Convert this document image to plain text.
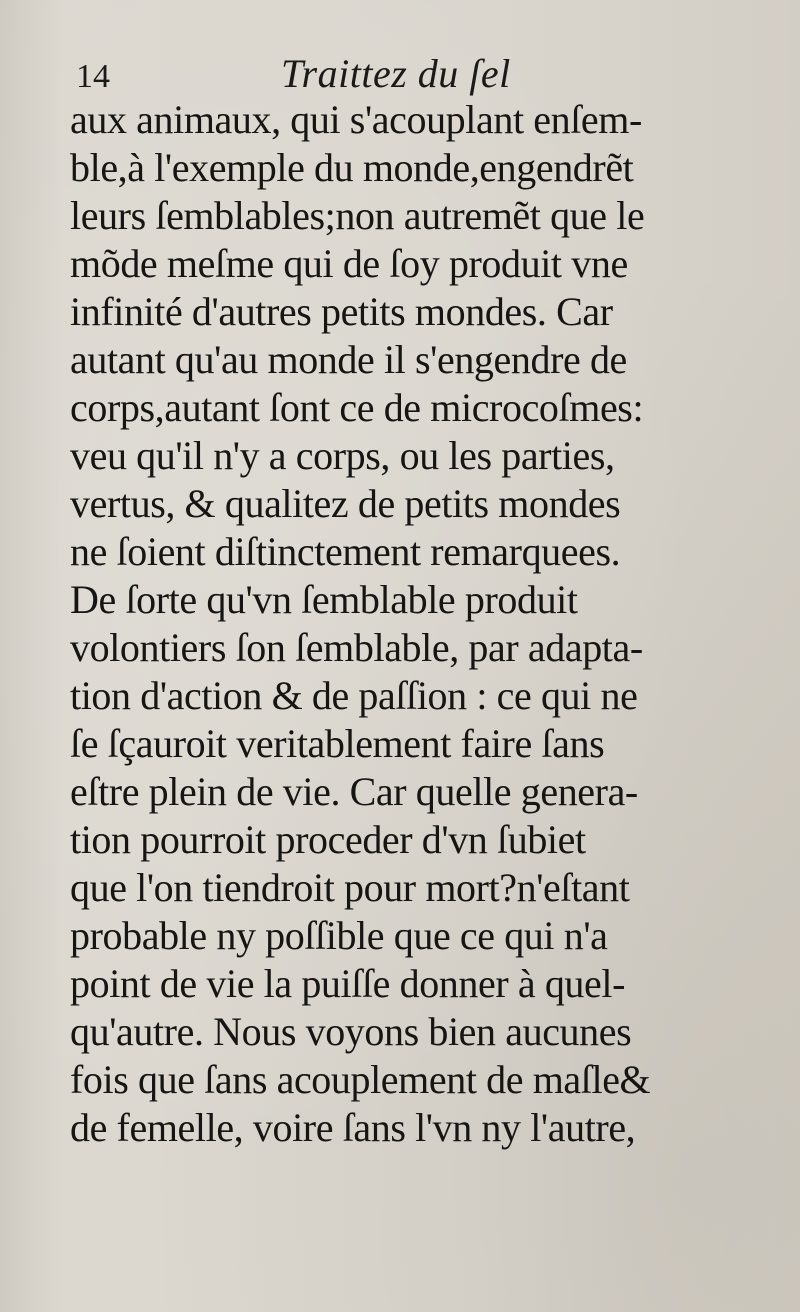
14	Traittez du ſel
aux animaux, qui s'acouplant enſem-
ble,à l'exemple du monde,engendrẽt
leurs ſemblables;non autremẽt que le
mõde meſme qui de ſoy produit vne
infinité d'autres petits mondes. Car
autant qu'au monde il s'engendre de
corps,autant ſont ce de microcoſmes:
veu qu'il n'y a corps, ou les parties,
vertus, & qualitez de petits mondes
ne ſoient diſtinctement remarquees.
De ſorte qu'vn ſemblable produit
volontiers ſon ſemblable, par adapta-
tion d'action & de paſſion : ce qui ne
ſe ſçauroit veritablement faire ſans
eſtre plein de vie. Car quelle genera-
tion pourroit proceder d'vn ſubiet
que l'on tiendroit pour mort?n'eſtant
probable ny poſſible que ce qui n'a
point de vie la puiſſe donner à quel-
qu'autre. Nous voyons bien aucunes
fois que ſans acouplement de maſle&
de femelle, voire ſans l'vn ny l'autre,
